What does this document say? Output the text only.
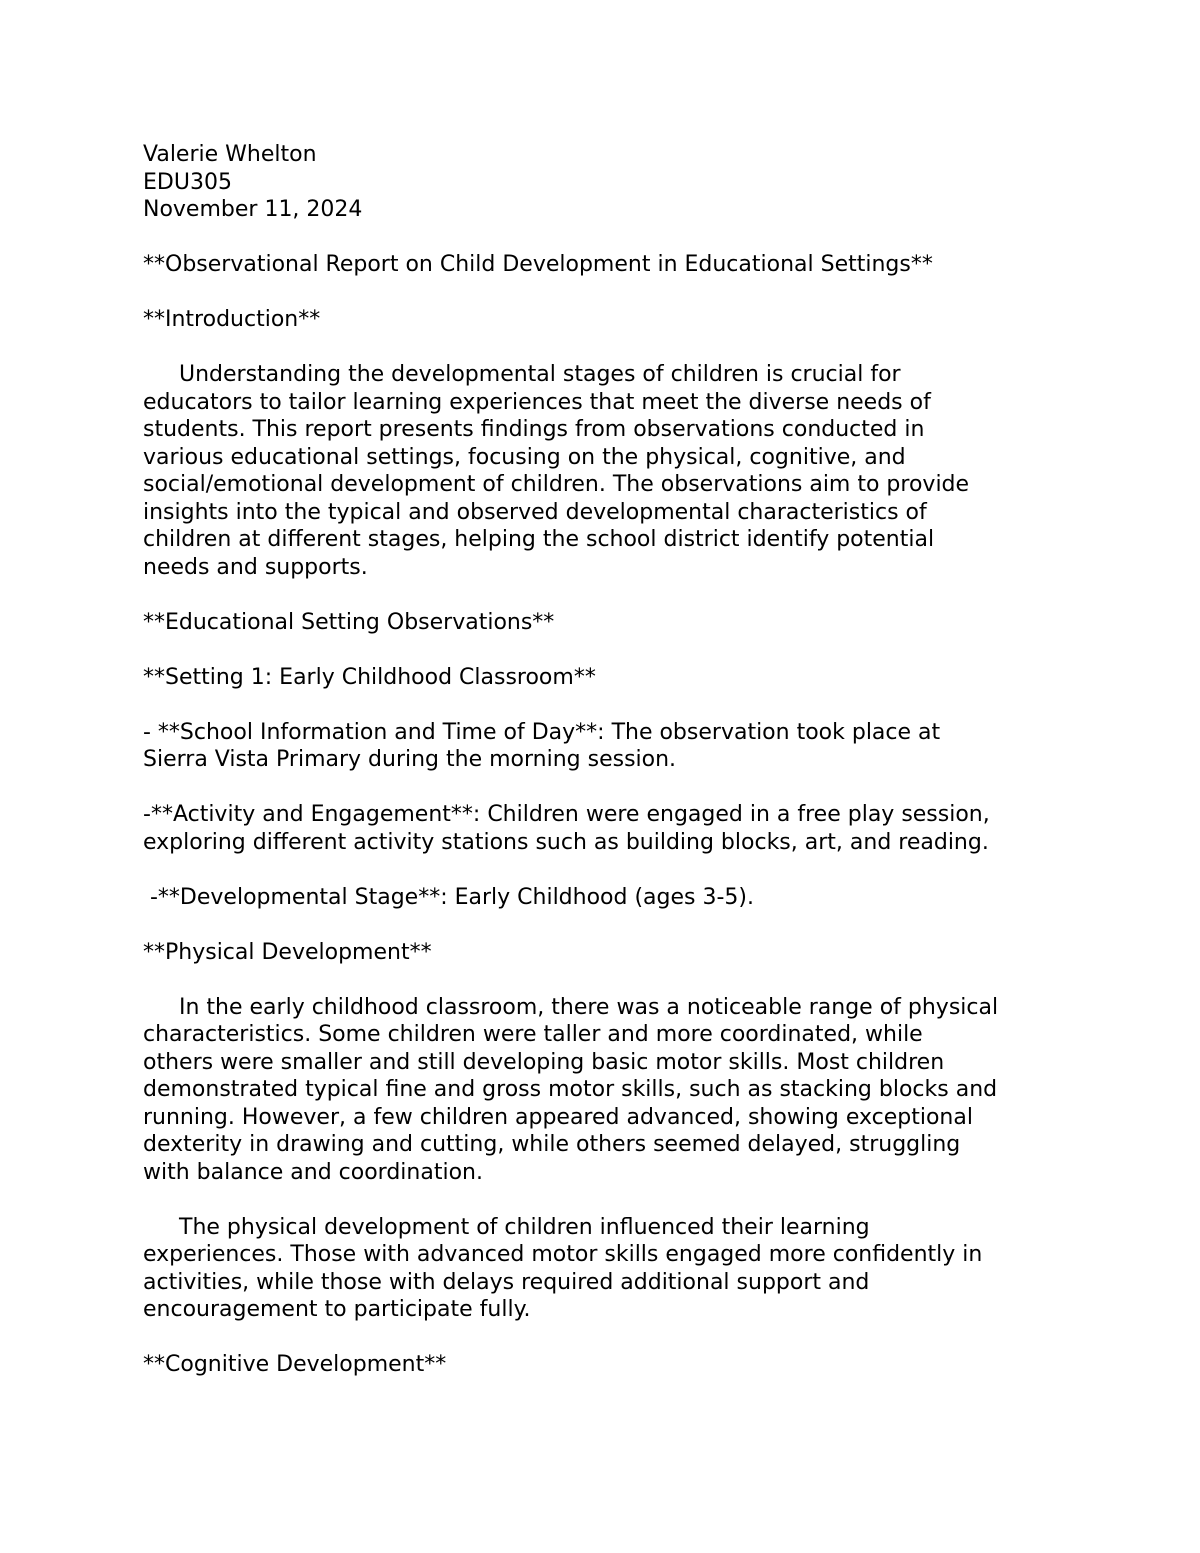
Valerie Whelton
EDU305
November 11, 2024
**Observational Report on Child Development in Educational Settings**
**Introduction**
Understanding the developmental stages of children is crucial for
educators to tailor learning experiences that meet the diverse needs of
students. This report presents findings from observations conducted in
various educational settings, focusing on the physical, cognitive, and
social/emotional development of children. The observations aim to provide
insights into the typical and observed developmental characteristics of
children at different stages, helping the school district identify potential
needs and supports.
**Educational Setting Observations**
**Setting 1: Early Childhood Classroom**
- **School Information and Time of Day**: The observation took place at
Sierra Vista Primary during the morning session.
-**Activity and Engagement**: Children were engaged in a free play session,
exploring different activity stations such as building blocks, art, and reading.
-**Developmental Stage**: Early Childhood (ages 3-5).
**Physical Development**
In the early childhood classroom, there was a noticeable range of physical
characteristics. Some children were taller and more coordinated, while
others were smaller and still developing basic motor skills. Most children
demonstrated typical fine and gross motor skills, such as stacking blocks and
running. However, a few children appeared advanced, showing exceptional
dexterity in drawing and cutting, while others seemed delayed, struggling
with balance and coordination.
The physical development of children influenced their learning
experiences. Those with advanced motor skills engaged more confidently in
activities, while those with delays required additional support and
encouragement to participate fully.
**Cognitive Development**
